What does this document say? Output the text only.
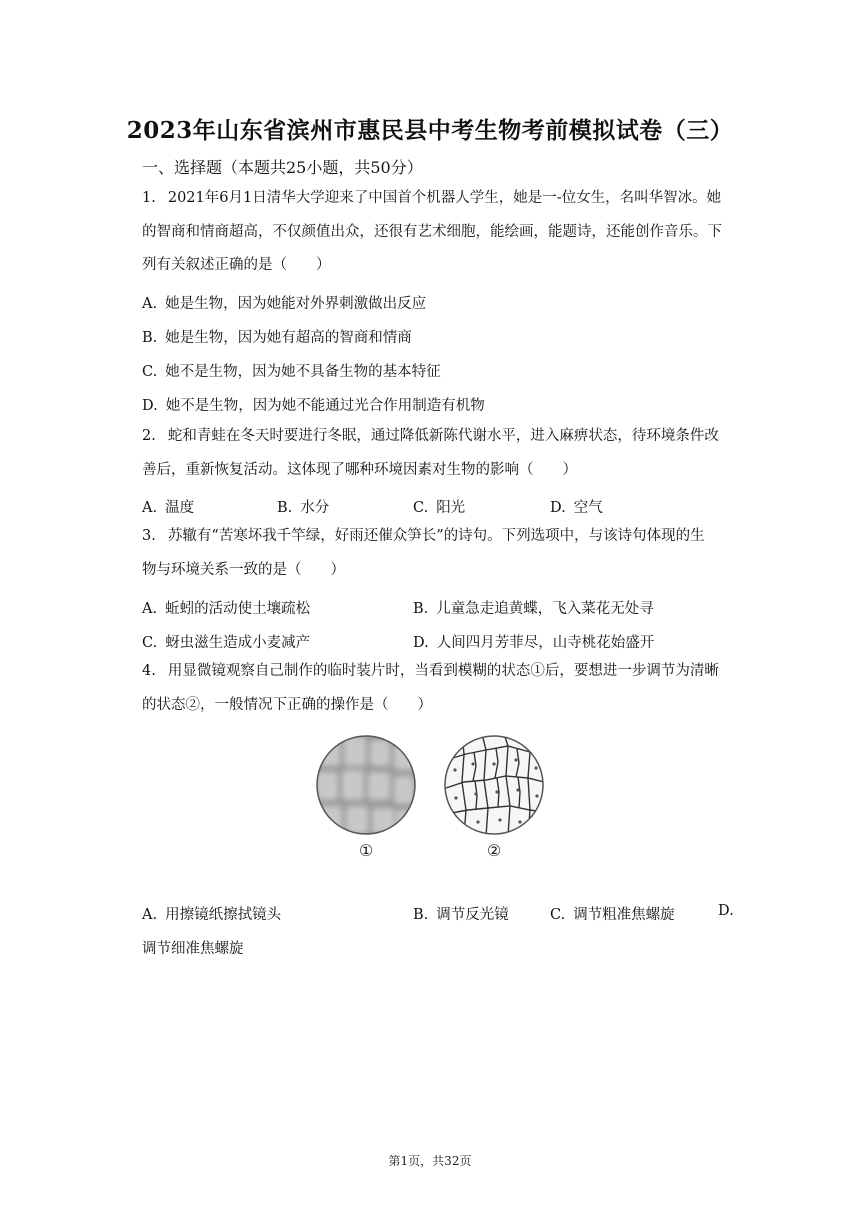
2023年山东省滨州市惠民县中考生物考前模拟试卷（三）
一、选择题（本题共25小题，共50分）
1. 2021年6月1日清华大学迎来了中国首个机器人学生，她是一-位女生，名叫华智冰。她
的智商和情商超高，不仅颜值出众，还很有艺术细胞，能绘画，能题诗，还能创作音乐。下
列有关叙述正确的是（　　）
A. 她是生物，因为她能对外界刺激做出反应
B. 她是生物，因为她有超高的智商和情商
C. 她不是生物，因为她不具备生物的基本特征
D. 她不是生物，因为她不能通过光合作用制造有机物
2. 蛇和青蛙在冬天时要进行冬眠，通过降低新陈代谢水平，进入麻痹状态，待环境条件改
善后，重新恢复活动。这体现了哪种环境因素对生物的影响（　　）
A. 温度	B. 水分	C. 阳光	D. 空气
3. 苏辙有“苦寒坏我千竿绿，好雨还催众笋长”的诗句。下列选项中，与该诗句体现的生
物与环境关系一致的是（　　）
A. 蚯蚓的活动使土壤疏松	B. 儿童急走追黄蝶，飞入菜花无处寻
C. 蚜虫滋生造成小麦减产	D. 人间四月芳菲尽，山寺桃花始盛开
4. 用显微镜观察自己制作的临时装片时，当看到模糊的状态①后，要想进一步调节为清晰
的状态②，一般情况下正确的操作是（　　）
①	②
A. 用擦镜纸擦拭镜头	B. 调节反光镜	C. 调节粗准焦螺旋	D.
调节细准焦螺旋
第1页，共32页
